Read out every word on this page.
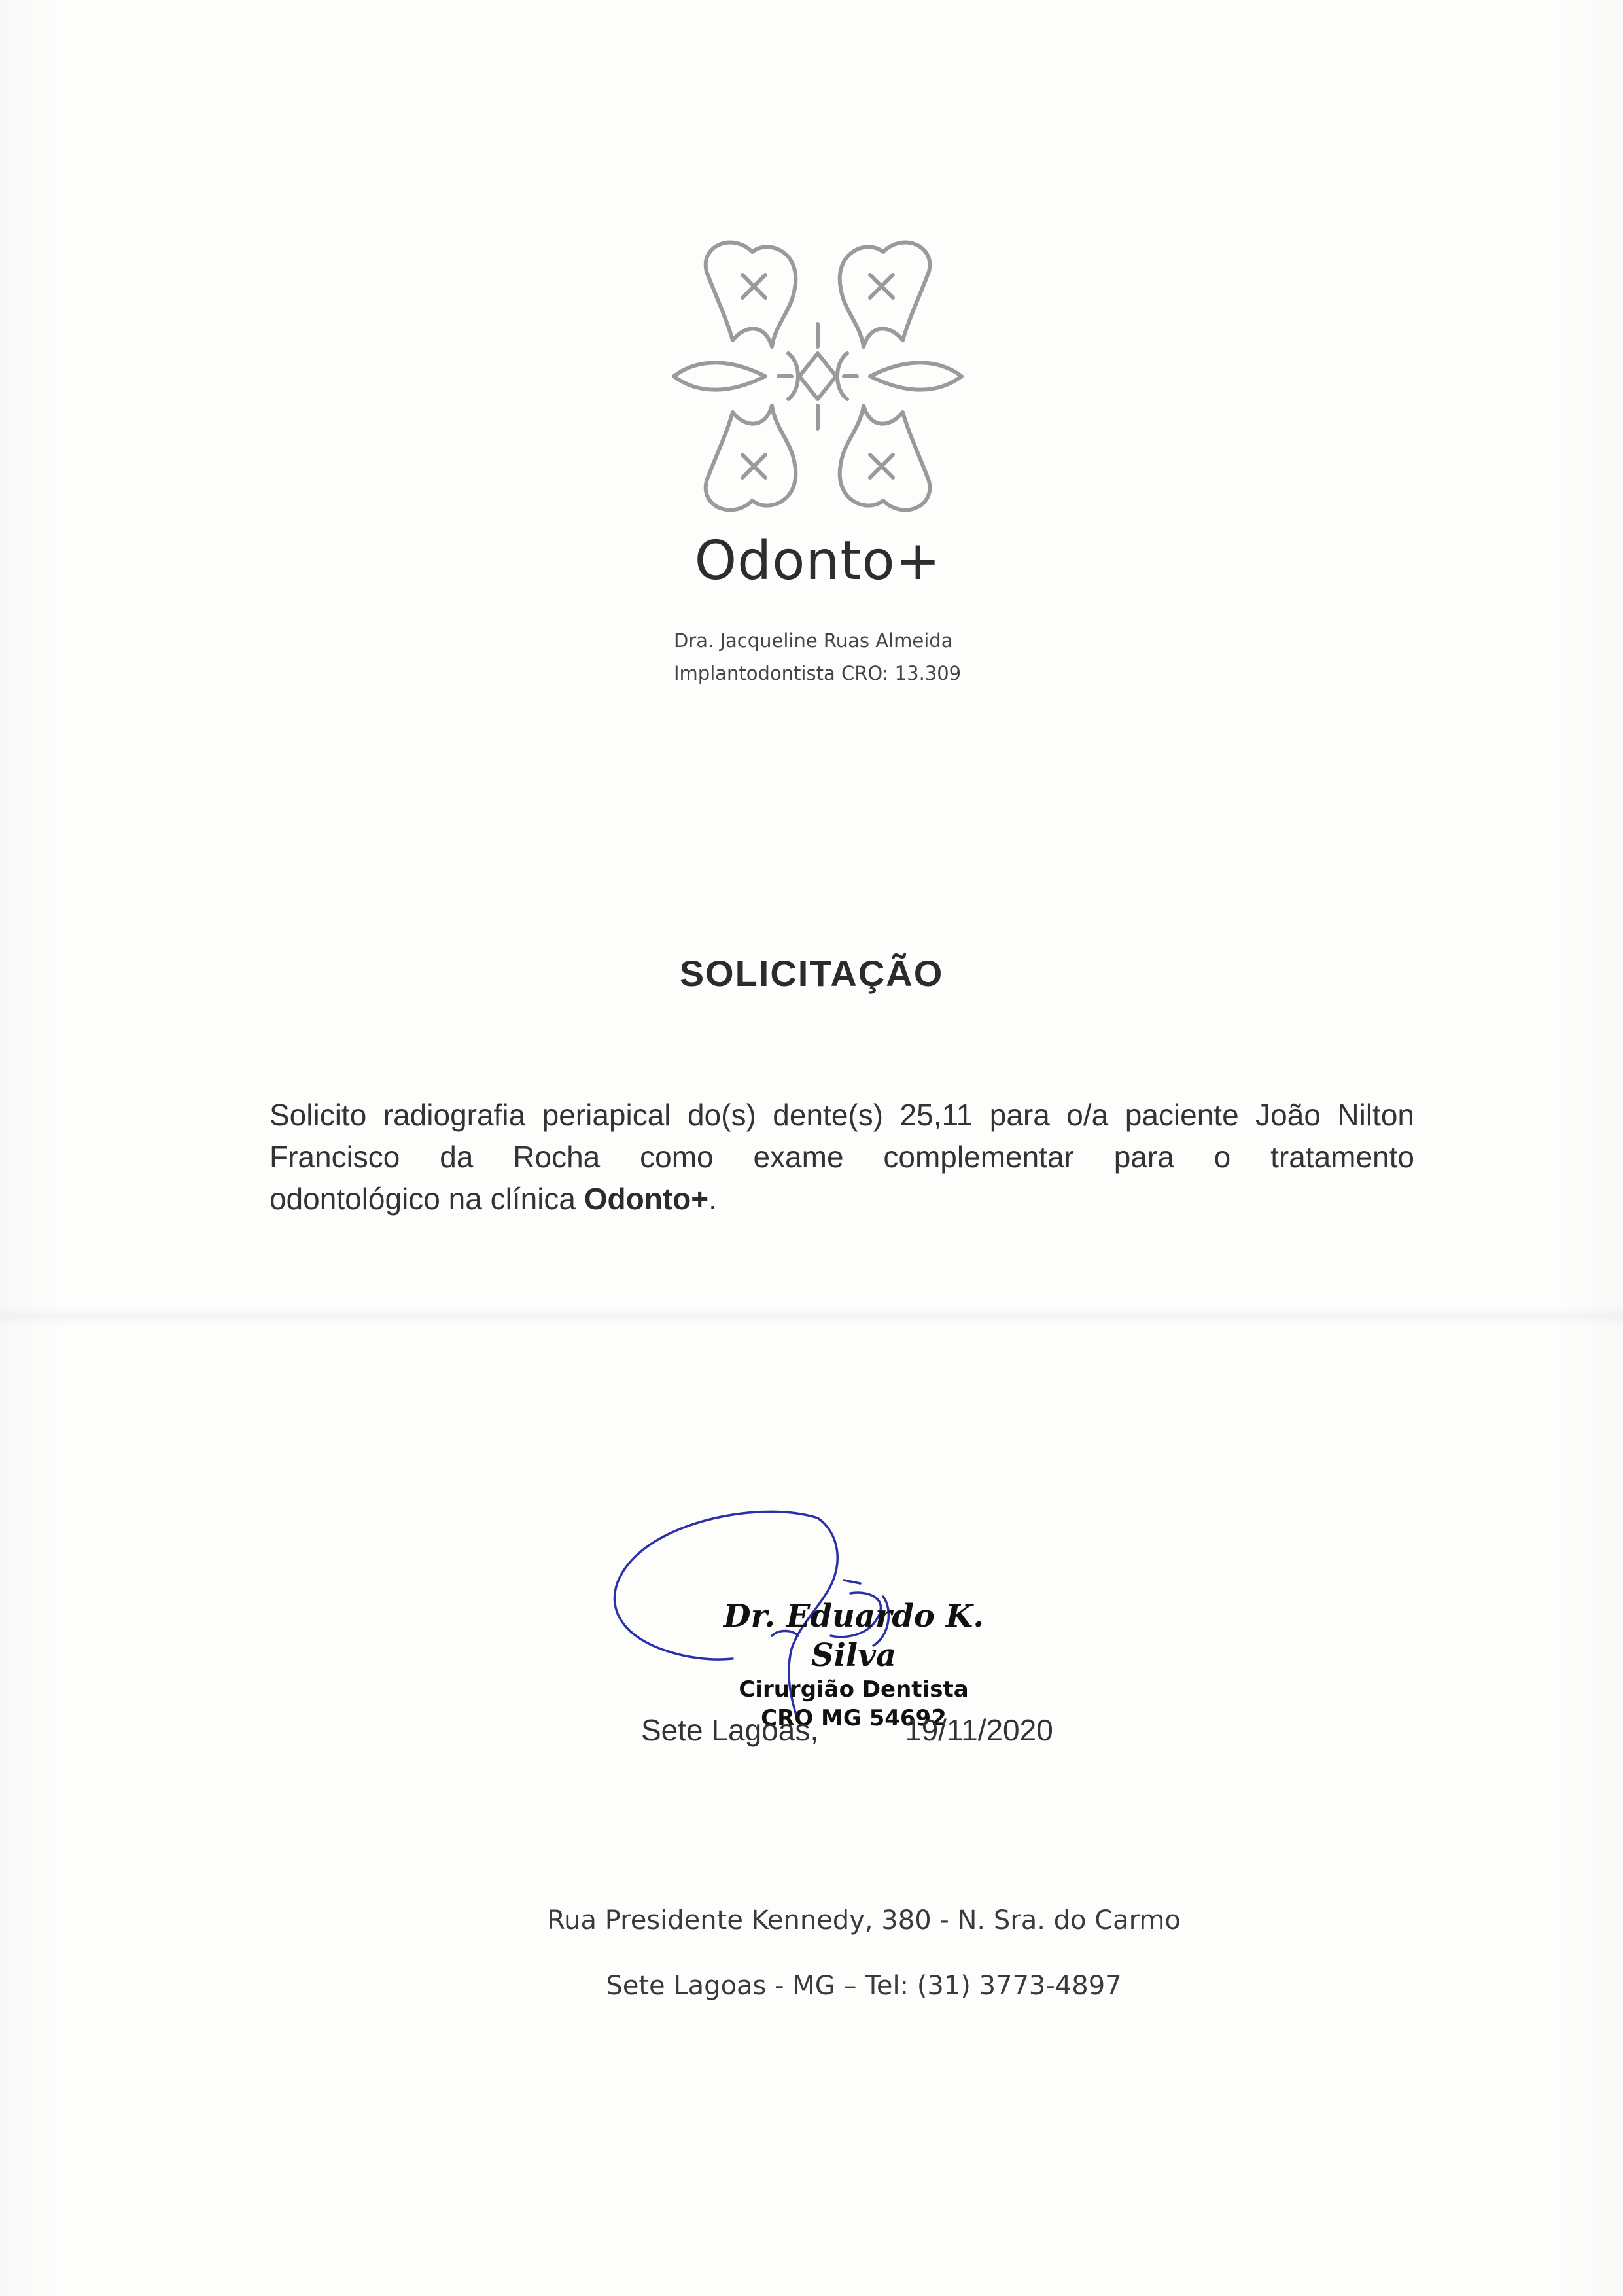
Odonto+
Dra. Jacqueline Ruas Almeida
Implantodontista CRO: 13.309
SOLICITAÇÃO
Solicito radiografia periapical do(s) dente(s) 25,11 para o/a paciente João Nilton
Francisco da Rocha como exame complementar para o tratamento
odontológico na clínica Odonto+.
Dr. Eduardo K. Silva
Cirurgião Dentista
CRO MG 54692
Sete Lagoas,	19/11/2020
Rua Presidente Kennedy, 380 - N. Sra. do Carmo
Sete Lagoas - MG – Tel: (31) 3773-4897
